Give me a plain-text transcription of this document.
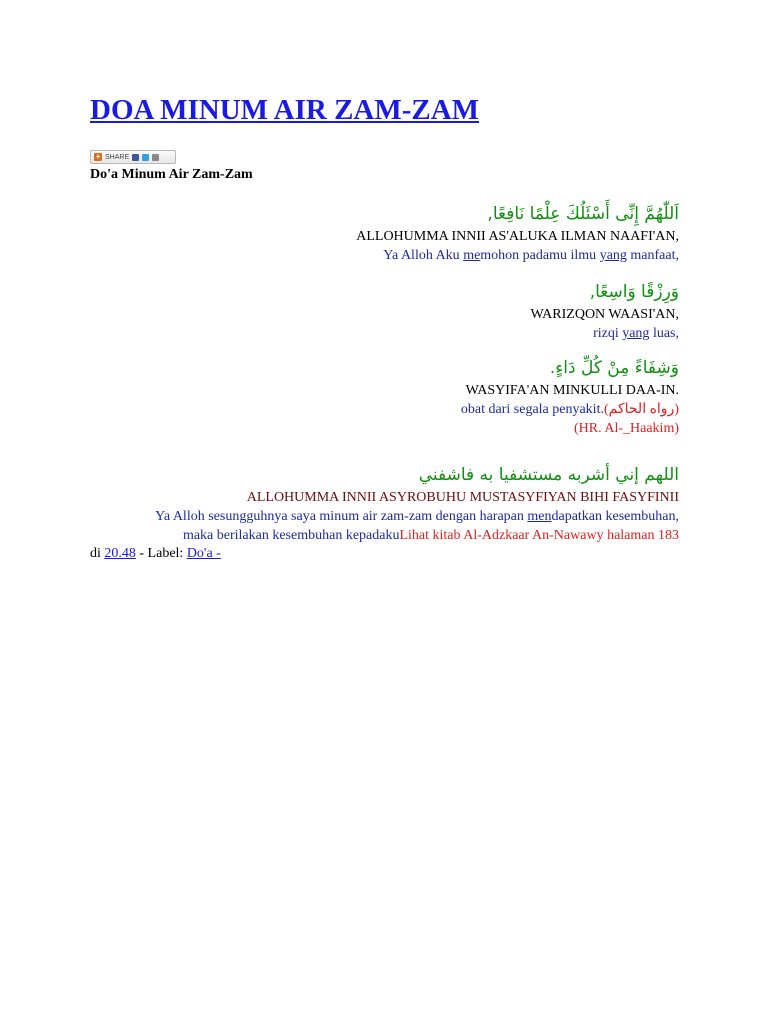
DOA MINUM AIR ZAM-ZAM
+ SHARE
Do'a Minum Air Zam-Zam
اَللّٰهُمَّ إِنِّى أَسْئَلُكَ عِلْمًا نَافِعًا,
ALLOHUMMA INNII AS'ALUKA ILMAN NAAFI'AN,
Ya Alloh Aku memohon padamu ilmu yang manfaat,
وَرِزْقًا وَاسِعًا,
WARIZQON WAASI'AN,
rizqi yang luas,
وَشِفَاءً مِنْ كُلِّ دَاءٍ.
WASYIFA'AN MINKULLI DAA-IN.
obat dari segala penyakit.(رواه الحاكم)
(HR. Al-_Haakim)
اللهم إني أشربه مستشفيا به فاشفني
ALLOHUMMA INNII ASYROBUHU MUSTASYFIYAN BIHI FASYFINII
Ya Alloh sesungguhnya saya minum air zam-zam dengan harapan mendapatkan kesembuhan,
maka berilakan kesembuhan kepadakuLihat kitab Al-Adzkaar An-Nawawy halaman 183
di 20.48 - Label: Do'a -
